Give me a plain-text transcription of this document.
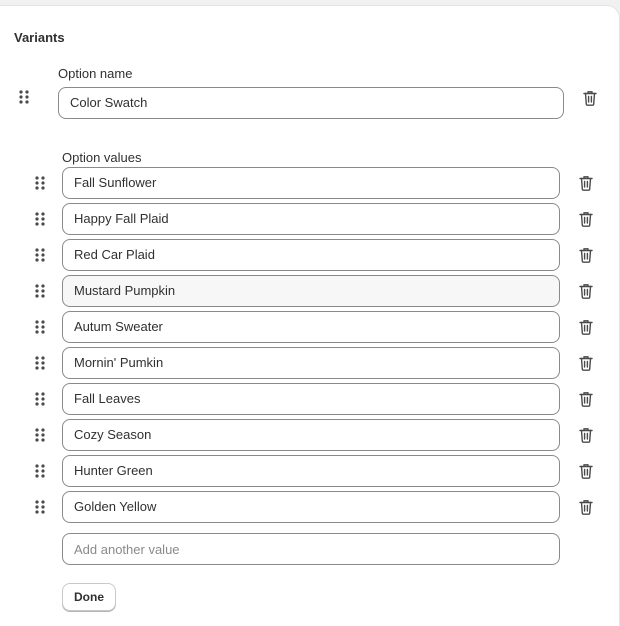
Variants
Option name
Color Swatch
Option values
Fall Sunflower
Happy Fall Plaid
Red Car Plaid
Mustard Pumpkin
Autum Sweater
Mornin' Pumkin
Fall Leaves
Cozy Season
Hunter Green
Golden Yellow
Add another value
Done
